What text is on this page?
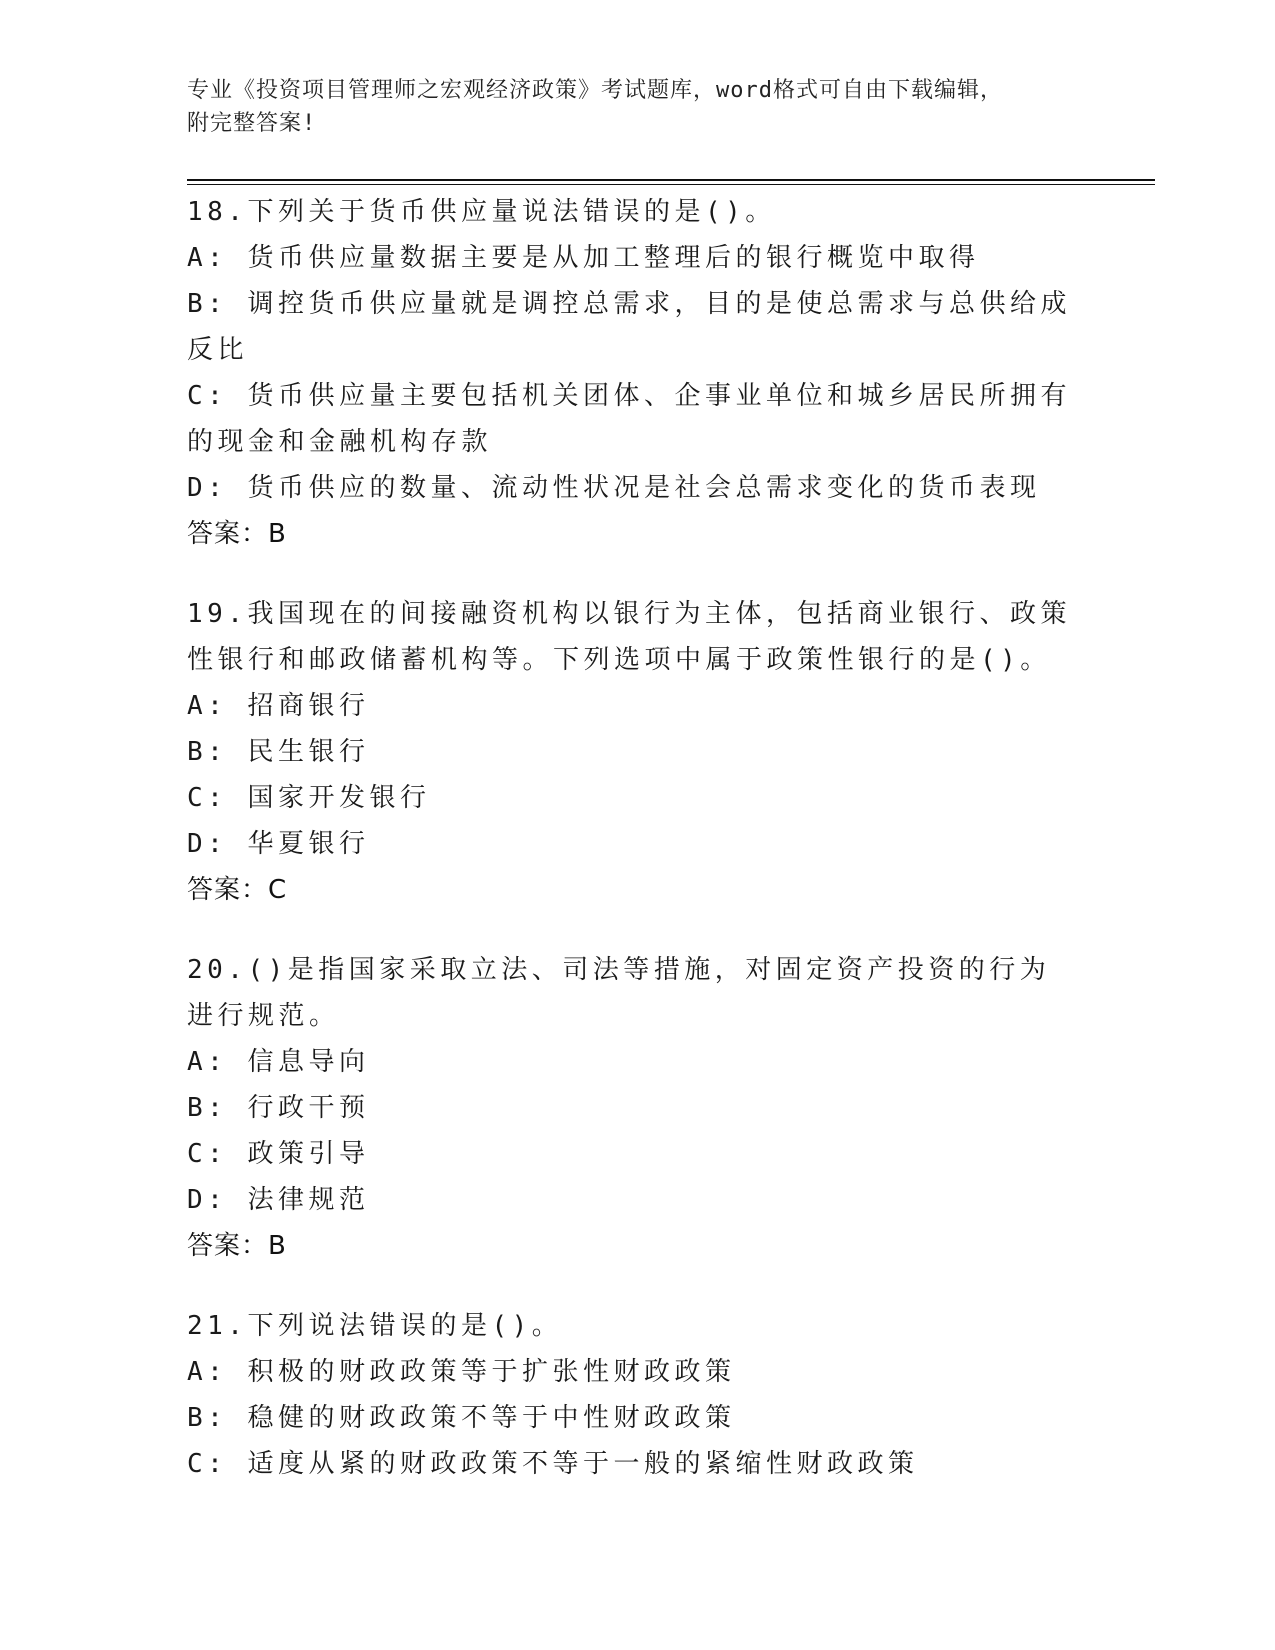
专业《投资项目管理师之宏观经济政策》考试题库，word格式可自由下载编辑，
附完整答案!
18.下列关于货币供应量说法错误的是()。
A: 货币供应量数据主要是从加工整理后的银行概览中取得
B: 调控货币供应量就是调控总需求，目的是使总需求与总供给成反比
C: 货币供应量主要包括机关团体、企事业单位和城乡居民所拥有的现金和金融机构存款
D: 货币供应的数量、流动性状况是社会总需求变化的货币表现
答案：B
19.我国现在的间接融资机构以银行为主体，包括商业银行、政策性银行和邮政储蓄机构等。下列选项中属于政策性银行的是()。
A: 招商银行
B: 民生银行
C: 国家开发银行
D: 华夏银行
答案：C
20.()是指国家采取立法、司法等措施，对固定资产投资的行为进行规范。
A: 信息导向
B: 行政干预
C: 政策引导
D: 法律规范
答案：B
21.下列说法错误的是()。
A: 积极的财政政策等于扩张性财政政策
B: 稳健的财政政策不等于中性财政政策
C: 适度从紧的财政政策不等于一般的紧缩性财政政策
